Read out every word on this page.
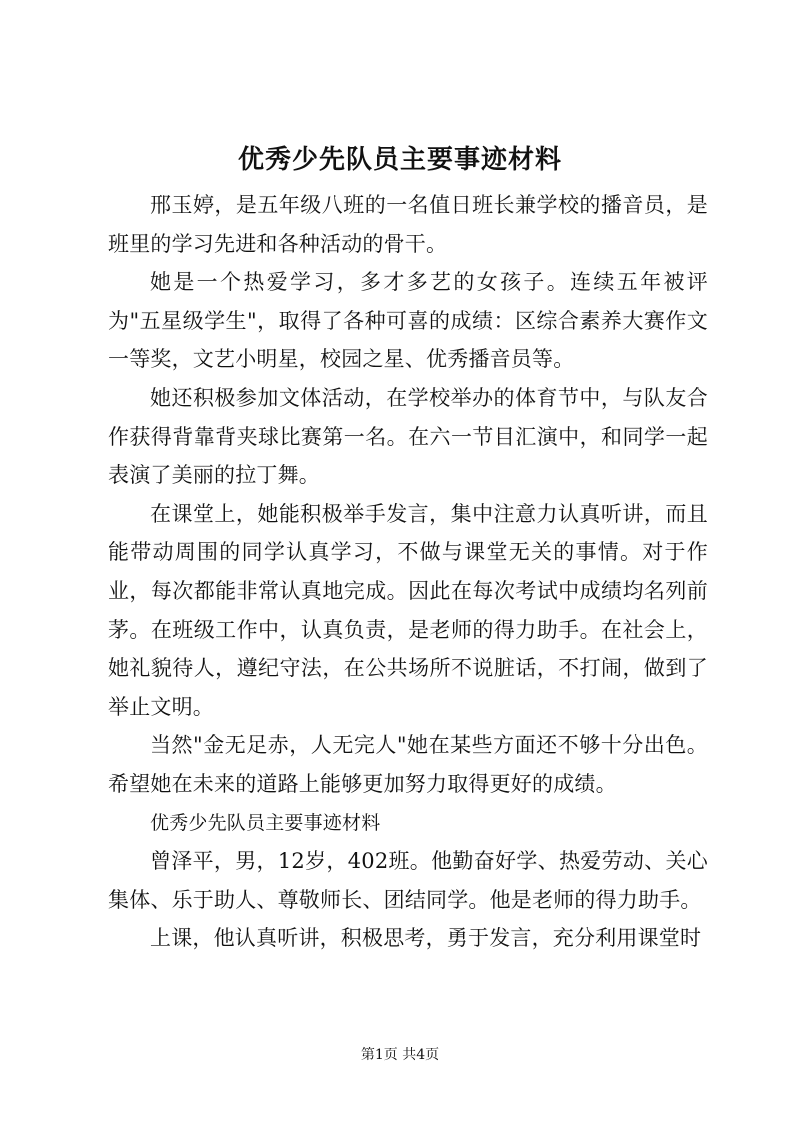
优秀少先队员主要事迹材料

邢玉婷，是五年级八班的一名值日班长兼学校的播音员，是班里的学习先进和各种活动的骨干。

她是一个热爱学习，多才多艺的女孩子。连续五年被评为"五星级学生"，取得了各种可喜的成绩：区综合素养大赛作文一等奖，文艺小明星，校园之星、优秀播音员等。

她还积极参加文体活动，在学校举办的体育节中，与队友合作获得背靠背夹球比赛第一名。在六一节目汇演中，和同学一起表演了美丽的拉丁舞。

在课堂上，她能积极举手发言，集中注意力认真听讲，而且能带动周围的同学认真学习，不做与课堂无关的事情。对于作业，每次都能非常认真地完成。因此在每次考试中成绩均名列前茅。在班级工作中，认真负责，是老师的得力助手。在社会上，她礼貌待人，遵纪守法，在公共场所不说脏话，不打闹，做到了举止文明。

当然"金无足赤，人无完人"她在某些方面还不够十分出色。希望她在未来的道路上能够更加努力取得更好的成绩。

优秀少先队员主要事迹材料

曾泽平，男，12岁，402班。他勤奋好学、热爱劳动、关心集体、乐于助人、尊敬师长、团结同学。他是老师的得力助手。

上课，他认真听讲，积极思考，勇于发言，充分利用课堂时

第1页 共4页
